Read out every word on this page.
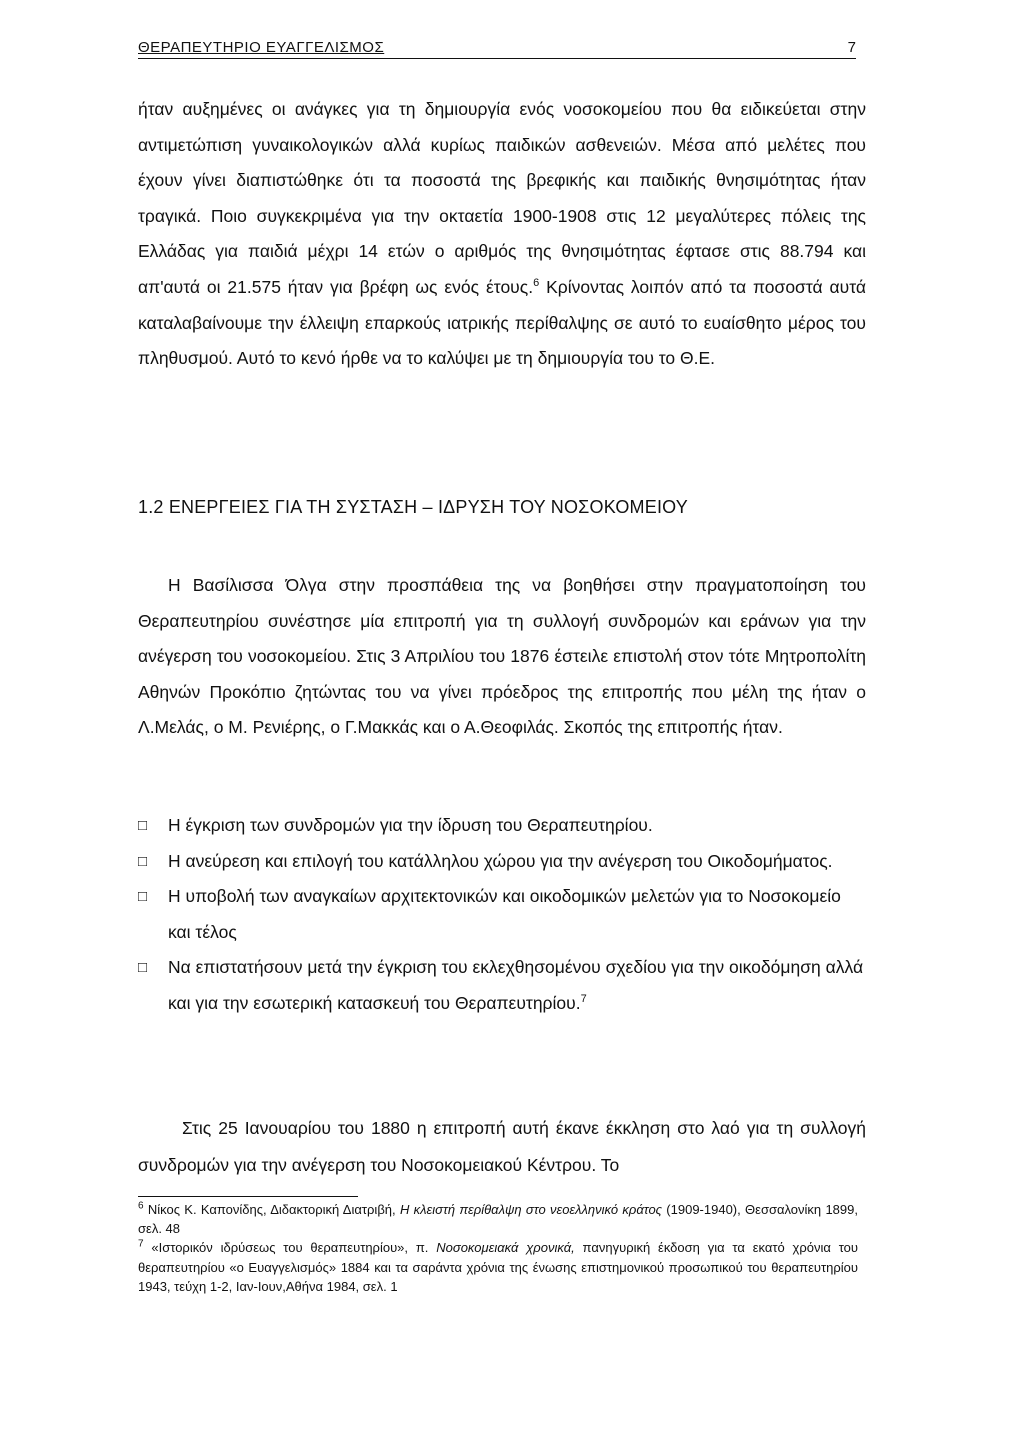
ΘΕΡΑΠΕΥΤΗΡΙΟ ΕΥΑΓΓΕΛΙΣΜΟΣ	7
ήταν αυξημένες οι ανάγκες για τη δημιουργία ενός νοσοκομείου που θα ειδικεύεται στην αντιμετώπιση γυναικολογικών αλλά κυρίως παιδικών ασθενειών. Μέσα από μελέτες που έχουν γίνει διαπιστώθηκε ότι τα ποσοστά της βρεφικής και παιδικής θνησιμότητας ήταν τραγικά. Ποιο συγκεκριμένα για την οκταετία 1900-1908 στις 12 μεγαλύτερες πόλεις της Ελλάδας για παιδιά μέχρι 14 ετών ο αριθμός της θνησιμότητας έφτασε στις 88.794 και απ'αυτά οι 21.575 ήταν για βρέφη ως ενός έτους.$^6$ Κρίνοντας λοιπόν από τα ποσοστά αυτά καταλαβαίνουμε την έλλειψη επαρκούς ιατρικής περίθαλψης σε αυτό το ευαίσθητο μέρος του πληθυσμού. Αυτό το κενό ήρθε να το καλύψει με τη δημιουργία του το Θ.Ε.
1.2 ΕΝΕΡΓΕΙΕΣ ΓΙΑ ΤΗ ΣΥΣΤΑΣΗ – ΙΔΡΥΣΗ ΤΟΥ ΝΟΣΟΚΟΜΕΙΟΥ
Η Βασίλισσα Όλγα στην προσπάθεια της να βοηθήσει στην πραγματοποίηση του Θεραπευτηρίου συνέστησε μία επιτροπή για τη συλλογή συνδρομών και εράνων για την ανέγερση του νοσοκομείου. Στις 3 Απριλίου του 1876 έστειλε επιστολή στον τότε Μητροπολίτη Αθηνών Προκόπιο ζητώντας του να γίνει πρόεδρος της επιτροπής που μέλη της ήταν ο Λ.Μελάς, ο Μ. Ρενιέρης, ο Γ.Μακκάς και ο Α.Θεοφιλάς. Σκοπός της επιτροπής ήταν.
□	Η έγκριση των συνδρομών για την ίδρυση του Θεραπευτηρίου.
□	Η ανεύρεση και επιλογή του κατάλληλου χώρου για την ανέγερση του Οικοδομήματος.
□	Η υποβολή των αναγκαίων αρχιτεκτονικών και οικοδομικών μελετών για το Νοσοκομείο και τέλος
□	Να επιστατήσουν μετά την έγκριση του εκλεχθησομένου σχεδίου για την οικοδόμηση αλλά και για την εσωτερική κατασκευή του Θεραπευτηρίου.$^7$
Στις 25 Ιανουαρίου του 1880 η επιτροπή αυτή έκανε έκκληση στο λαό για τη συλλογή συνδρομών για την ανέγερση του Νοσοκομειακού Κέντρου. Το
$^6$ Νίκος Κ. Καπονίδης, Διδακτορική Διατριβή, Η κλειστή περίθαλψη στο νεοελληνικό κράτος (1909-1940), Θεσσαλονίκη 1899, σελ. 48
$^7$ «Ιστορικόν ιδρύσεως του θεραπευτηρίου», π. Νοσοκομειακά χρονικά, πανηγυρική έκδοση για τα εκατό χρόνια του θεραπευτηρίου «ο Ευαγγελισμός» 1884 και τα σαράντα χρόνια της ένωσης επιστημονικού προσωπικού του θεραπευτηρίου 1943, τεύχη 1-2, Ιαν-Ιουν,Αθήνα 1984, σελ. 1
